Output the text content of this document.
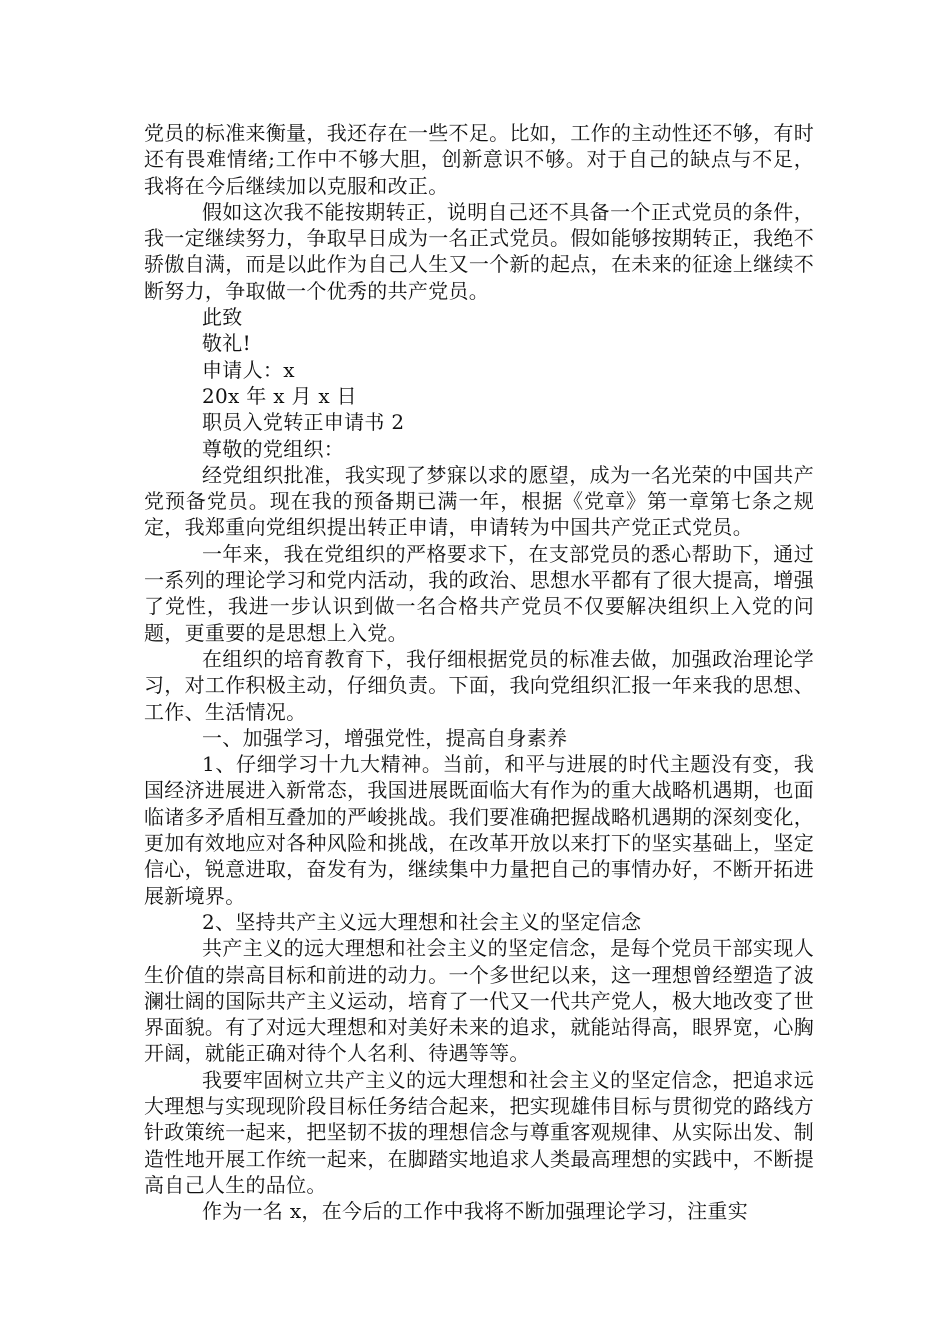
党员的标准来衡量，我还存在一些不足。比如，工作的主动性还不够，有时还有畏难情绪;工作中不够大胆，创新意识不够。对于自己的缺点与不足，我将在今后继续加以克服和改正。

假如这次我不能按期转正，说明自己还不具备一个正式党员的条件，我一定继续努力，争取早日成为一名正式党员。假如能够按期转正，我绝不骄傲自满，而是以此作为自己人生又一个新的起点，在未来的征途上继续不断努力，争取做一个优秀的共产党员。

此致

敬礼!

申请人：x

20x 年 x 月 x 日

职员入党转正申请书 2

尊敬的党组织：

经党组织批准，我实现了梦寐以求的愿望，成为一名光荣的中国共产党预备党员。现在我的预备期已满一年，根据《党章》第一章第七条之规定，我郑重向党组织提出转正申请，申请转为中国共产党正式党员。

一年来，我在党组织的严格要求下，在支部党员的悉心帮助下，通过一系列的理论学习和党内活动，我的政治、思想水平都有了很大提高，增强了党性，我进一步认识到做一名合格共产党员不仅要解决组织上入党的问题，更重要的是思想上入党。

在组织的培育教育下，我仔细根据党员的标准去做，加强政治理论学习，对工作积极主动，仔细负责。下面，我向党组织汇报一年来我的思想、工作、生活情况。

一、加强学习，增强党性，提高自身素养

1、仔细学习十九大精神。当前，和平与进展的时代主题没有变，我国经济进展进入新常态，我国进展既面临大有作为的重大战略机遇期，也面临诸多矛盾相互叠加的严峻挑战。我们要准确把握战略机遇期的深刻变化，更加有效地应对各种风险和挑战，在改革开放以来打下的坚实基础上，坚定信心，锐意进取，奋发有为，继续集中力量把自己的事情办好，不断开拓进展新境界。

2、坚持共产主义远大理想和社会主义的坚定信念

共产主义的远大理想和社会主义的坚定信念，是每个党员干部实现人生价值的崇高目标和前进的动力。一个多世纪以来，这一理想曾经塑造了波澜壮阔的国际共产主义运动，培育了一代又一代共产党人，极大地改变了世界面貌。有了对远大理想和对美好未来的追求，就能站得高，眼界宽，心胸开阔，就能正确对待个人名利、待遇等等。

我要牢固树立共产主义的远大理想和社会主义的坚定信念，把追求远大理想与实现现阶段目标任务结合起来，把实现雄伟目标与贯彻党的路线方针政策统一起来，把坚韧不拔的理想信念与尊重客观规律、从实际出发、制造性地开展工作统一起来，在脚踏实地追求人类最高理想的实践中，不断提高自己人生的品位。

作为一名 x，在今后的工作中我将不断加强理论学习，注重实
